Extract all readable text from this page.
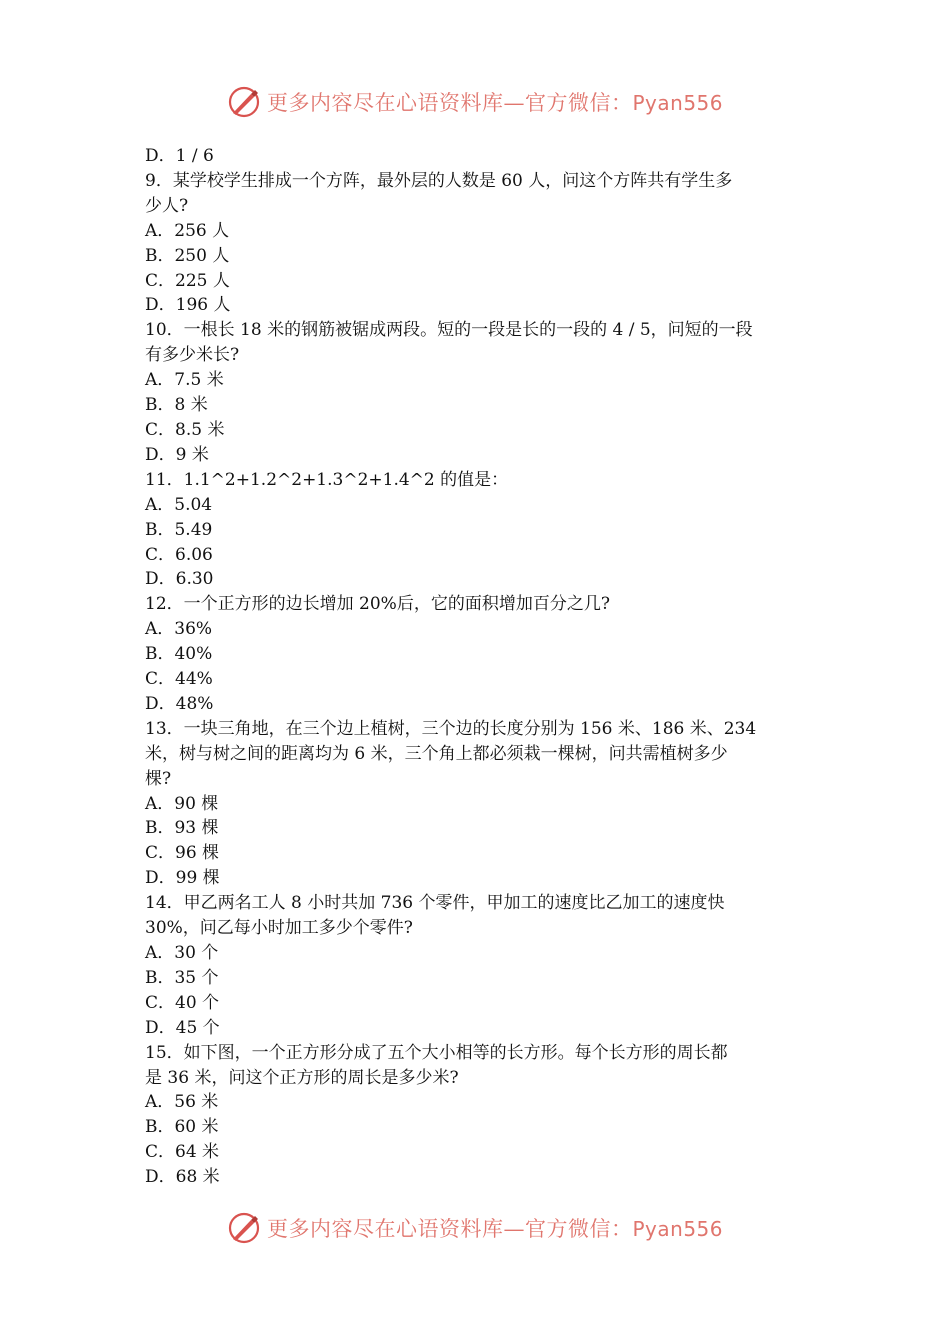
更多内容尽在心语资料库—官方微信：Pyan556

D．1 / 6

9．某学校学生排成一个方阵，最外层的人数是 60 人，问这个方阵共有学生多

少人?

A．256 人

B．250 人

C．225 人

D．196 人

10．一根长 18 米的钢筋被锯成两段。短的一段是长的一段的 4 / 5，问短的一段

有多少米长?

A．7.5 米

B．8 米

C．8.5 米

D．9 米

11．1.1^2+1.2^2+1.3^2+1.4^2 的值是：

A．5.04

B．5.49

C．6.06

D．6.30

12．一个正方形的边长增加 20%后，它的面积增加百分之几?

A．36%

B．40%

C．44%

D．48%

13．一块三角地，在三个边上植树，三个边的长度分别为 156 米、186 米、234

米，树与树之间的距离均为 6 米，三个角上都必须栽一棵树，问共需植树多少

棵?

A．90 棵

B．93 棵

C．96 棵

D．99 棵

14．甲乙两名工人 8 小时共加 736 个零件，甲加工的速度比乙加工的速度快

30%，问乙每小时加工多少个零件?

A．30 个

B．35 个

C．40 个

D．45 个

15．如下图，一个正方形分成了五个大小相等的长方形。每个长方形的周长都

是 36 米，问这个正方形的周长是多少米?

A．56 米

B．60 米

C．64 米

D．68 米

更多内容尽在心语资料库—官方微信：Pyan556
